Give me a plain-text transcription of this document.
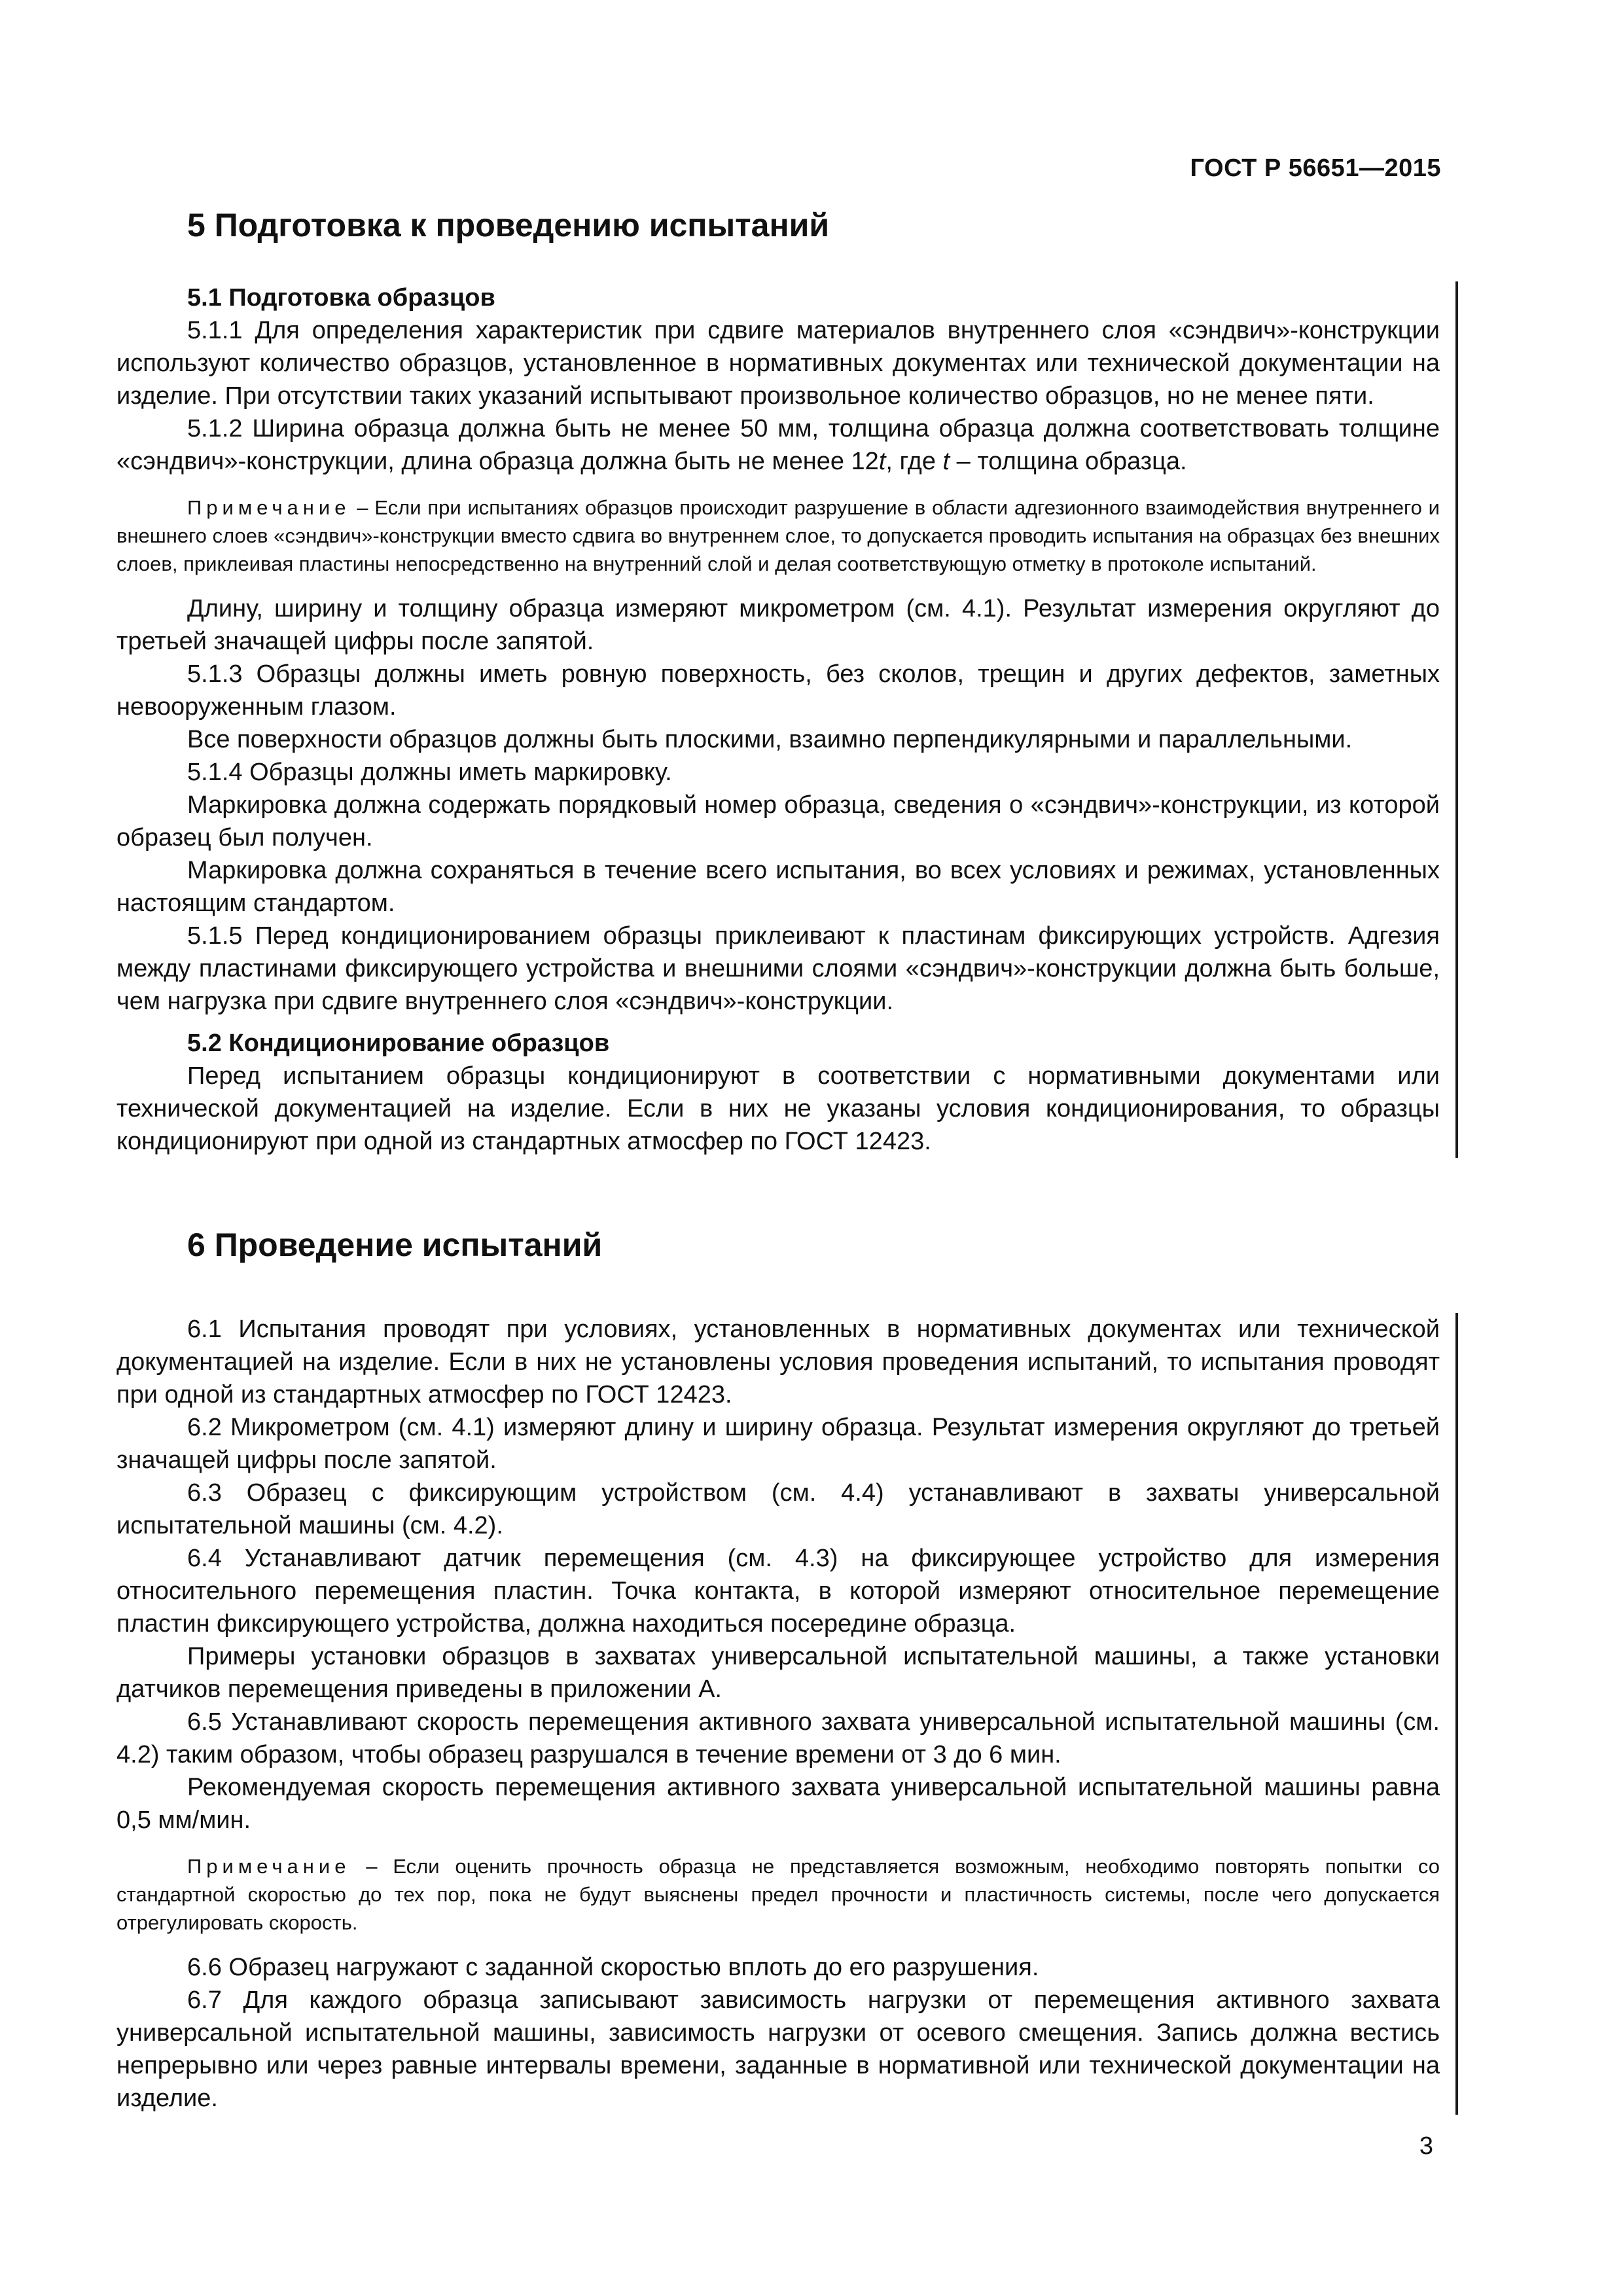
ГОСТ Р 56651—2015
5 Подготовка к проведению испытаний
5.1 Подготовка образцов

5.1.1 Для определения характеристик при сдвиге материалов внутреннего слоя «сэндвич»-конструкции используют количество образцов, установленное в нормативных документах или технической документации на изделие. При отсутствии таких указаний испытывают произвольное количество образцов, но не менее пяти.

5.1.2 Ширина образца должна быть не менее 50 мм, толщина образца должна соответствовать толщине «сэндвич»-конструкции, длина образца должна быть не менее 12t, где t – толщина образца.

Примечание – Если при испытаниях образцов происходит разрушение в области адгезионного взаимодействия внутреннего и внешнего слоев «сэндвич»-конструкции вместо сдвига во внутреннем слое, то допускается проводить испытания на образцах без внешних слоев, приклеивая пластины непосредственно на внутренний слой и делая соответствующую отметку в протоколе испытаний.

Длину, ширину и толщину образца измеряют микрометром (см. 4.1). Результат измерения округляют до третьей значащей цифры после запятой.

5.1.3 Образцы должны иметь ровную поверхность, без сколов, трещин и других дефектов, заметных невооруженным глазом.

Все поверхности образцов должны быть плоскими, взаимно перпендикулярными и параллельными.

5.1.4 Образцы должны иметь маркировку.

Маркировка должна содержать порядковый номер образца, сведения о «сэндвич»-конструкции, из которой образец был получен.

Маркировка должна сохраняться в течение всего испытания, во всех условиях и режимах, установленных настоящим стандартом.

5.1.5 Перед кондиционированием образцы приклеивают к пластинам фиксирующих устройств. Адгезия между пластинами фиксирующего устройства и внешними слоями «сэндвич»-конструкции должна быть больше, чем нагрузка при сдвиге внутреннего слоя «сэндвич»-конструкции.

5.2 Кондиционирование образцов

Перед испытанием образцы кондиционируют в соответствии с нормативными документами или технической документацией на изделие. Если в них не указаны условия кондиционирования, то образцы кондиционируют при одной из стандартных атмосфер по ГОСТ 12423.

6 Проведение испытаний

6.1 Испытания проводят при условиях, установленных в нормативных документах или технической документацией на изделие. Если в них не установлены условия проведения испытаний, то испытания проводят при одной из стандартных атмосфер по ГОСТ 12423.

6.2 Микрометром (см. 4.1) измеряют длину и ширину образца. Результат измерения округляют до третьей значащей цифры после запятой.

6.3 Образец с фиксирующим устройством (см. 4.4) устанавливают в захваты универсальной испытательной машины (см. 4.2).

6.4 Устанавливают датчик перемещения (см. 4.3) на фиксирующее устройство для измерения относительного перемещения пластин. Точка контакта, в которой измеряют относительное перемещение пластин фиксирующего устройства, должна находиться посередине образца.

Примеры установки образцов в захватах универсальной испытательной машины, а также установки датчиков перемещения приведены в приложении А.

6.5 Устанавливают скорость перемещения активного захвата универсальной испытательной машины (см. 4.2) таким образом, чтобы образец разрушался в течение времени от 3 до 6 мин.

Рекомендуемая скорость перемещения активного захвата универсальной испытательной машины равна 0,5 мм/мин.

Примечание – Если оценить прочность образца не представляется возможным, необходимо повторять попытки со стандартной скоростью до тех пор, пока не будут выяснены предел прочности и пластичность системы, после чего допускается отрегулировать скорость.

6.6 Образец нагружают с заданной скоростью вплоть до его разрушения.

6.7 Для каждого образца записывают зависимость нагрузки от перемещения активного захвата универсальной испытательной машины, зависимость нагрузки от осевого смещения. Запись должна вестись непрерывно или через равные интервалы времени, заданные в нормативной или технической документации на изделие.

3
